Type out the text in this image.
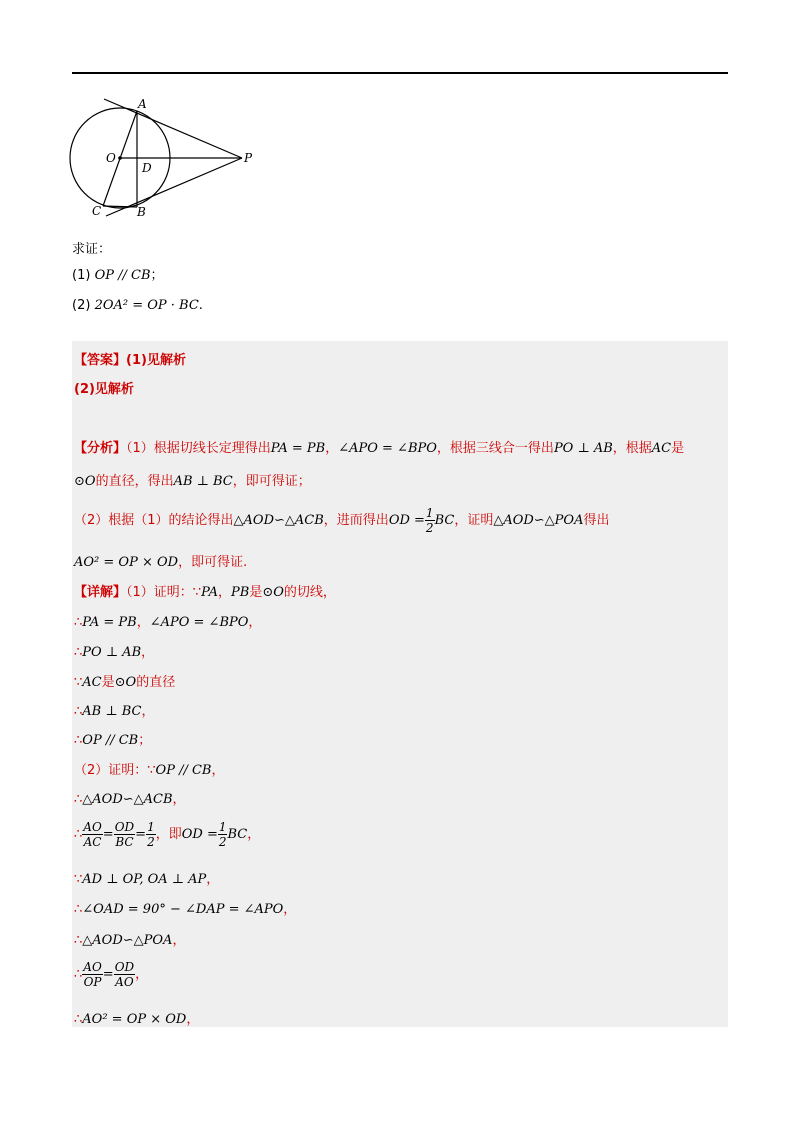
A
O
D
P
C	B
求证：
(1) OP // CB；
(2) 2OA² = OP · BC.
【答案】(1)见解析
(2)见解析
【分析】（1）根据切线长定理得出PA = PB，∠APO = ∠BPO，根据三线合一得出PO ⊥ AB，根据AC是
⊙O的直径，得出AB ⊥ BC，即可得证；
（2）根据（1）的结论得出△AOD∽△ACB，进而得出OD = $\frac{1}{2}$ BC，证明△AOD∽△POA得出
AO² = OP × OD，即可得证.
【详解】（1）证明：∵PA，PB是⊙O的切线，
∴PA = PB，∠APO = ∠BPO，
∴PO ⊥ AB，
∵AC是⊙O的直径
∴AB ⊥ BC，
∴OP // CB；
（2）证明：∵OP // CB，
∴△AOD∽△ACB，
∴ $\frac{AO}{AC} = \frac{OD}{BC} = \frac{1}{2}$ ，即OD = $\frac{1}{2}$ BC，
∵AD ⊥ OP, OA ⊥ AP，
∴∠OAD = 90° − ∠DAP = ∠APO，
∴△AOD∽△POA，
∴ $\frac{AO}{OP} = \frac{OD}{AO}$ ，
∴AO² = OP × OD，
